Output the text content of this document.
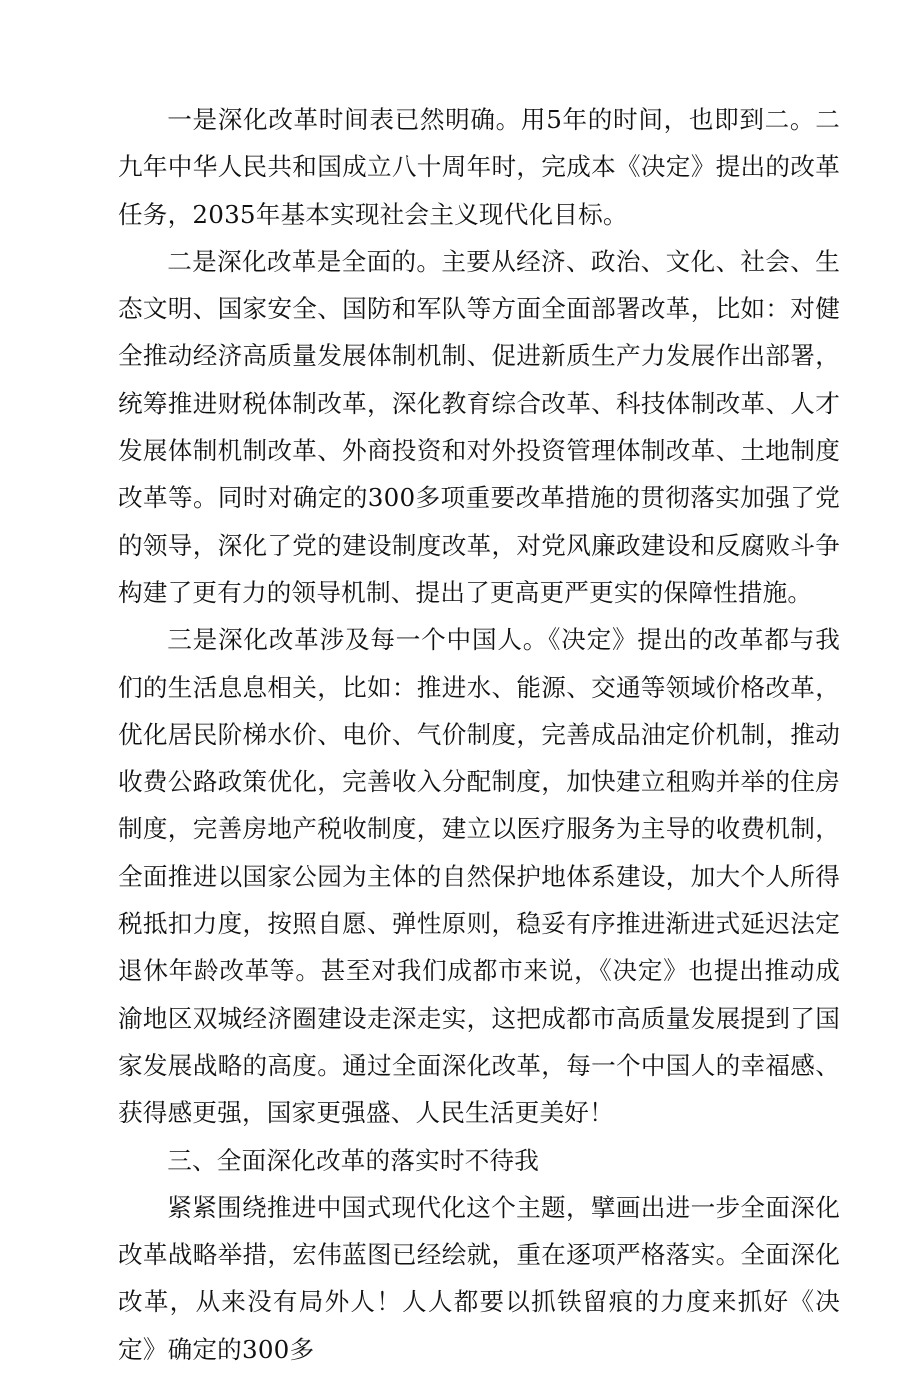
一是深化改革时间表已然明确。用5年的时间，也即到二。二九年中华人民共和国成立八十周年时，完成本《决定》提出的改革任务，2035年基本实现社会主义现代化目标。

二是深化改革是全面的。主要从经济、政治、文化、社会、生态文明、国家安全、国防和军队等方面全面部署改革，比如：对健全推动经济高质量发展体制机制、促进新质生产力发展作出部署，统筹推进财税体制改革，深化教育综合改革、科技体制改革、人才发展体制机制改革、外商投资和对外投资管理体制改革、土地制度改革等。同时对确定的300多项重要改革措施的贯彻落实加强了党的领导，深化了党的建设制度改革，对党风廉政建设和反腐败斗争构建了更有力的领导机制、提出了更高更严更实的保障性措施。

三是深化改革涉及每一个中国人。《决定》提出的改革都与我们的生活息息相关，比如：推进水、能源、交通等领域价格改革，优化居民阶梯水价、电价、气价制度，完善成品油定价机制，推动收费公路政策优化，完善收入分配制度，加快建立租购并举的住房制度，完善房地产税收制度，建立以医疗服务为主导的收费机制，全面推进以国家公园为主体的自然保护地体系建设，加大个人所得税抵扣力度，按照自愿、弹性原则，稳妥有序推进渐进式延迟法定退休年龄改革等。甚至对我们成都市来说，《决定》也提出推动成渝地区双城经济圈建设走深走实，这把成都市高质量发展提到了国家发展战略的高度。通过全面深化改革，每一个中国人的幸福感、获得感更强，国家更强盛、人民生活更美好！

三、全面深化改革的落实时不待我

紧紧围绕推进中国式现代化这个主题，擘画出进一步全面深化改革战略举措，宏伟蓝图已经绘就，重在逐项严格落实。全面深化改革，从来没有局外人！人人都要以抓铁留痕的力度来抓好《决定》确定的300多
